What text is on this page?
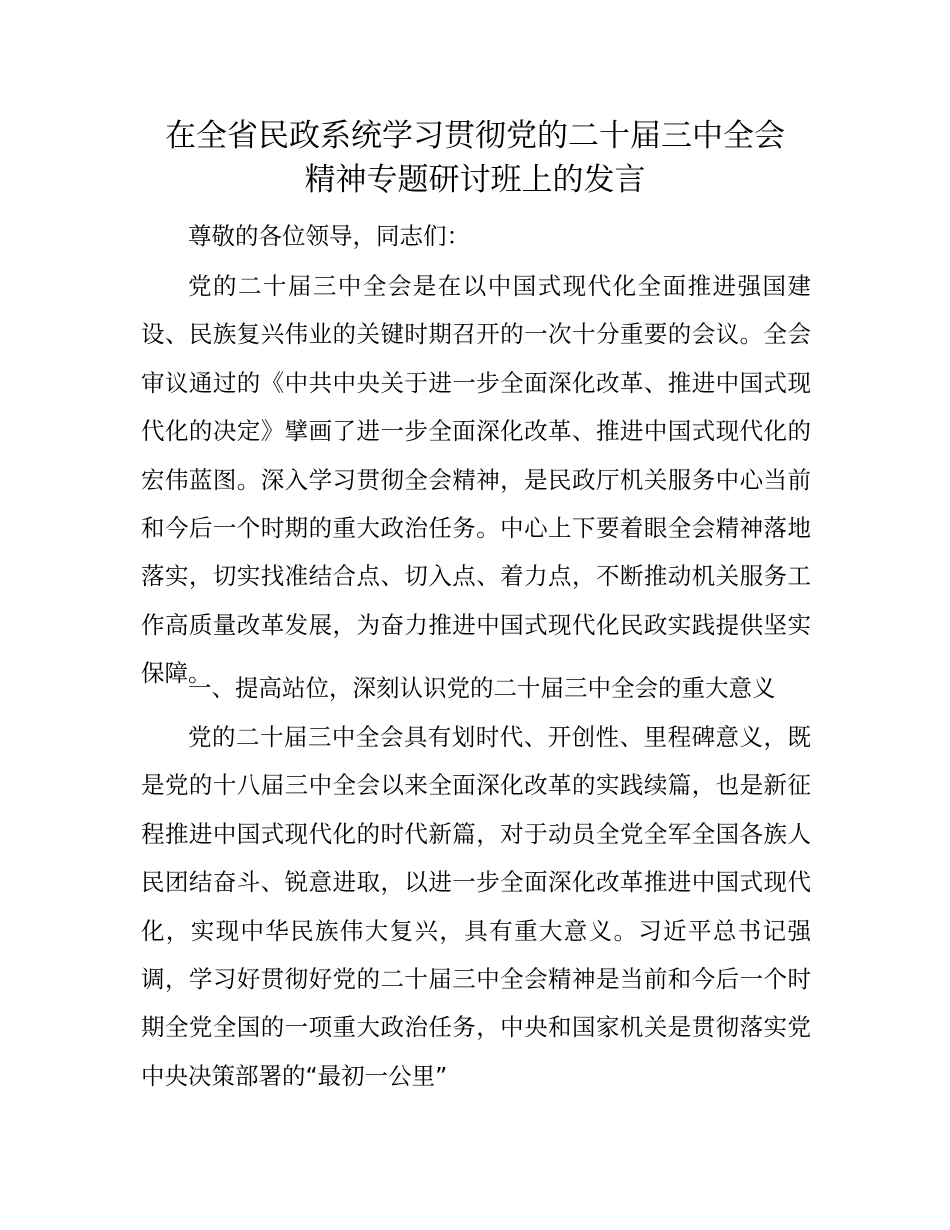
在全省民政系统学习贯彻党的二十届三中全会
精神专题研讨班上的发言

尊敬的各位领导，同志们：

党的二十届三中全会是在以中国式现代化全面推进强国建设、民族复兴伟业的关键时期召开的一次十分重要的会议。全会审议通过的《中共中央关于进一步全面深化改革、推进中国式现代化的决定》擘画了进一步全面深化改革、推进中国式现代化的宏伟蓝图。深入学习贯彻全会精神，是民政厅机关服务中心当前和今后一个时期的重大政治任务。中心上下要着眼全会精神落地落实，切实找准结合点、切入点、着力点，不断推动机关服务工作高质量改革发展，为奋力推进中国式现代化民政实践提供坚实保障。

一、提高站位，深刻认识党的二十届三中全会的重大意义

党的二十届三中全会具有划时代、开创性、里程碑意义，既是党的十八届三中全会以来全面深化改革的实践续篇，也是新征程推进中国式现代化的时代新篇，对于动员全党全军全国各族人民团结奋斗、锐意进取，以进一步全面深化改革推进中国式现代化，实现中华民族伟大复兴，具有重大意义。习近平总书记强调，学习好贯彻好党的二十届三中全会精神是当前和今后一个时期全党全国的一项重大政治任务，中央和国家机关是贯彻落实党中央决策部署的“最初一公里”
